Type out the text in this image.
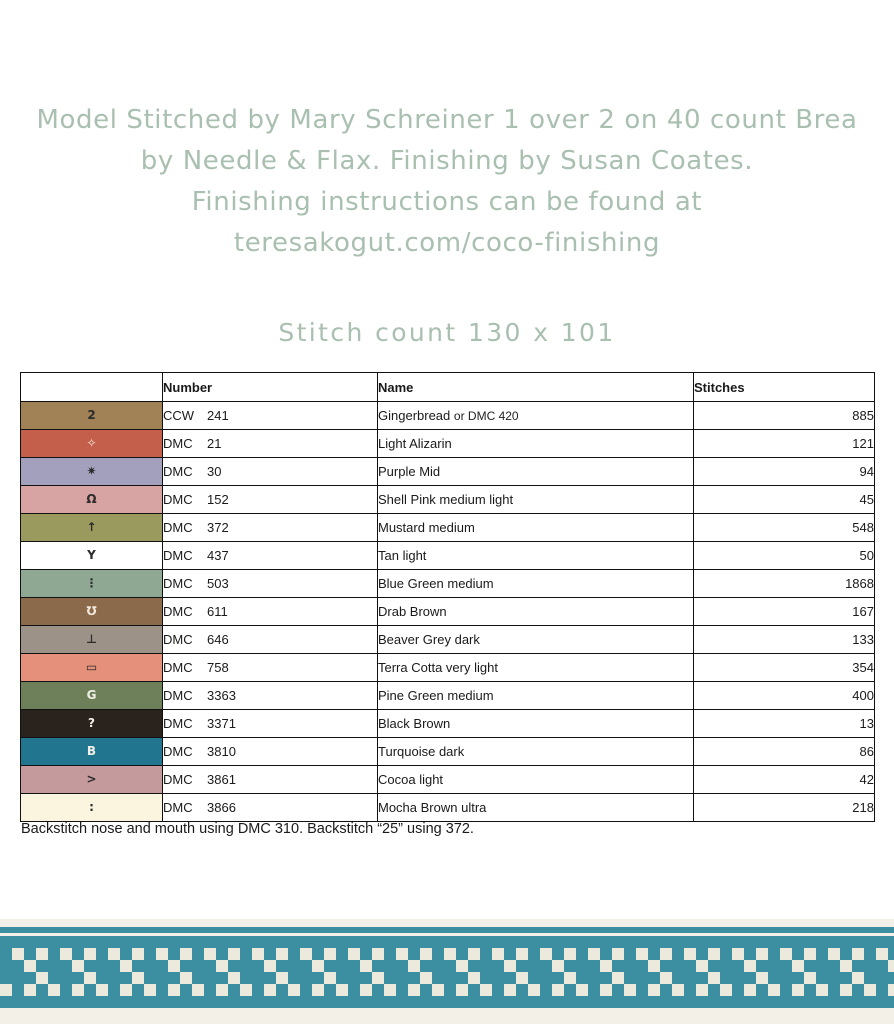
Model Stitched by Mary Schreiner 1 over 2 on 40 count Brea
by Needle & Flax. Finishing by Susan Coates.
Finishing instructions can be found at
teresakogut.com/coco-finishing
Stitch count 130 x 101
	Number	Name	Stitches

2	CCW 241	Gingerbread or DMC 420	885

✧	DMC 21	Light Alizarin	121

✷	DMC 30	Purple Mid	94

Ω	DMC 152	Shell Pink medium light	45

↑	DMC 372	Mustard medium	548

Y	DMC 437	Tan light	50

⋮	DMC 503	Blue Green medium	1868

℧	DMC 611	Drab Brown	167

⊥	DMC 646	Beaver Grey dark	133

▭	DMC 758	Terra Cotta very light	354

G	DMC 3363	Pine Green medium	400

?	DMC 3371	Black Brown	13

B	DMC 3810	Turquoise dark	86

>	DMC 3861	Cocoa light	42

:	DMC 3866	Mocha Brown ultra	218
Backstitch nose and mouth using DMC 310. Backstitch “25” using 372.
